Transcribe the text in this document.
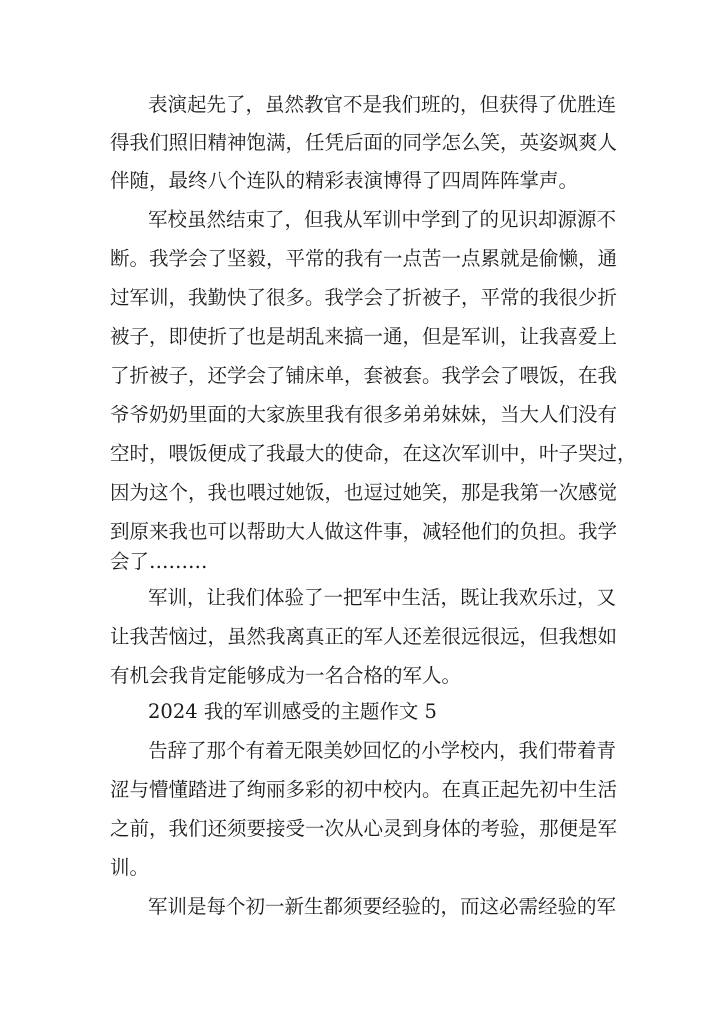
表演起先了，虽然教官不是我们班的，但获得了优胜连
得我们照旧精神饱满，任凭后面的同学怎么笑，英姿飒爽人
伴随，最终八个连队的精彩表演博得了四周阵阵掌声。
军校虽然结束了，但我从军训中学到了的见识却源源不
断。我学会了坚毅，平常的我有一点苦一点累就是偷懒，通
过军训，我勤快了很多。我学会了折被子，平常的我很少折
被子，即使折了也是胡乱来搞一通，但是军训，让我喜爱上
了折被子，还学会了铺床单，套被套。我学会了喂饭，在我
爷爷奶奶里面的大家族里我有很多弟弟妹妹，当大人们没有
空时，喂饭便成了我最大的使命，在这次军训中，叶子哭过，
因为这个，我也喂过她饭，也逗过她笑，那是我第一次感觉
到原来我也可以帮助大人做这件事，减轻他们的负担。我学
会了………
军训，让我们体验了一把军中生活，既让我欢乐过，又
让我苦恼过，虽然我离真正的军人还差很远很远，但我想如
有机会我肯定能够成为一名合格的军人。
2024 我的军训感受的主题作文 5
告辞了那个有着无限美妙回忆的小学校内，我们带着青
涩与懵懂踏进了绚丽多彩的初中校内。在真正起先初中生活
之前，我们还须要接受一次从心灵到身体的考验，那便是军
训。
军训是每个初一新生都须要经验的，而这必需经验的军
